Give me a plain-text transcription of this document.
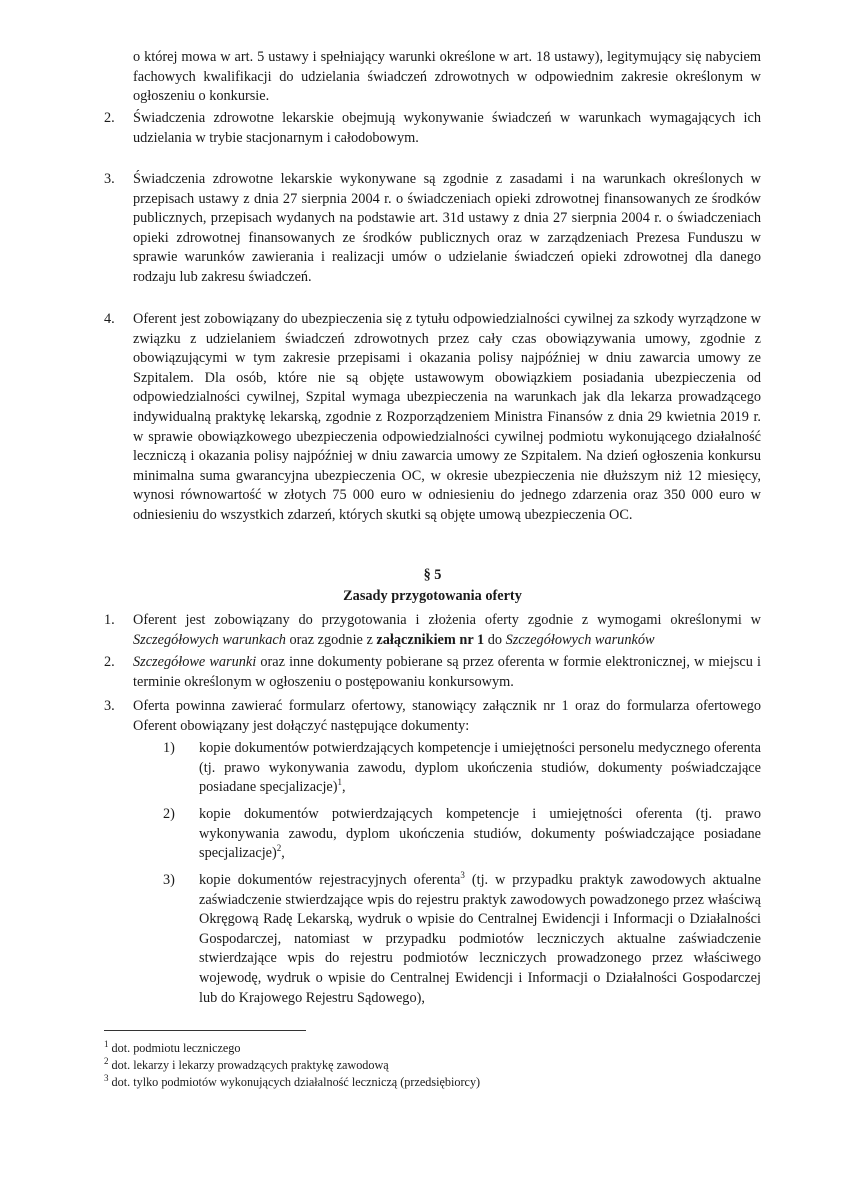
o której mowa w art. 5 ustawy i spełniający warunki określone w art. 18 ustawy), legitymujący się nabyciem fachowych kwalifikacji do udzielania świadczeń zdrowotnych w odpowiednim zakresie określonym w ogłoszeniu o konkursie.
2.	Świadczenia zdrowotne lekarskie obejmują wykonywanie świadczeń w warunkach wymagających ich udzielania w trybie stacjonarnym i całodobowym.
3.	Świadczenia zdrowotne lekarskie wykonywane są zgodnie z zasadami i na warunkach określonych w przepisach ustawy z dnia 27 sierpnia 2004 r. o świadczeniach opieki zdrowotnej finansowanych ze środków publicznych, przepisach wydanych na podstawie art. 31d ustawy z dnia 27 sierpnia 2004 r. o świadczeniach opieki zdrowotnej finansowanych ze środków publicznych oraz w zarządzeniach Prezesa Funduszu w sprawie warunków zawierania i realizacji umów o udzielanie świadczeń opieki zdrowotnej dla danego rodzaju lub zakresu świadczeń.
4.	Oferent jest zobowiązany do ubezpieczenia się z tytułu odpowiedzialności cywilnej za szkody wyrządzone w związku z udzielaniem świadczeń zdrowotnych przez cały czas obowiązywania umowy, zgodnie z obowiązującymi w tym zakresie przepisami i okazania polisy najpóźniej w dniu zawarcia umowy ze Szpitalem. Dla osób, które nie są objęte ustawowym obowiązkiem posiadania ubezpieczenia od odpowiedzialności cywilnej, Szpital wymaga ubezpieczenia na warunkach jak dla lekarza prowadzącego indywidualną praktykę lekarską, zgodnie z Rozporządzeniem Ministra Finansów z dnia 29 kwietnia 2019 r. w sprawie obowiązkowego ubezpieczenia odpowiedzialności cywilnej podmiotu wykonującego działalność leczniczą i okazania polisy najpóźniej w dniu zawarcia umowy ze Szpitalem. Na dzień ogłoszenia konkursu minimalna suma gwarancyjna ubezpieczenia OC, w okresie ubezpieczenia nie dłuższym niż 12 miesięcy, wynosi równowartość w złotych 75 000 euro w odniesieniu do jednego zdarzenia oraz 350 000 euro w odniesieniu do wszystkich zdarzeń, których skutki są objęte umową ubezpieczenia OC.
§ 5
Zasady przygotowania oferty
1.	Oferent jest zobowiązany do przygotowania i złożenia oferty zgodnie z wymogami określonymi w Szczegółowych warunkach oraz zgodnie z załącznikiem nr 1 do Szczegółowych warunków
2.	Szczegółowe warunki oraz inne dokumenty pobierane są przez oferenta w formie elektronicznej, w miejscu i terminie określonym w ogłoszeniu o postępowaniu konkursowym.
3.	Oferta powinna zawierać formularz ofertowy, stanowiący załącznik nr 1 oraz do formularza ofertowego Oferent obowiązany jest dołączyć następujące dokumenty:
1)	kopie dokumentów potwierdzających kompetencje i umiejętności personelu medycznego oferenta (tj. prawo wykonywania zawodu, dyplom ukończenia studiów, dokumenty poświadczające posiadane specjalizacje)$^1$,
2)	kopie dokumentów potwierdzających kompetencje i umiejętności oferenta (tj. prawo wykonywania zawodu, dyplom ukończenia studiów, dokumenty poświadczające posiadane specjalizacje)$^2$,
3)	kopie dokumentów rejestracyjnych oferenta$^3$ (tj. w przypadku praktyk zawodowych aktualne zaświadczenie stwierdzające wpis do rejestru praktyk zawodowych powadzonego przez właściwą Okręgową Radę Lekarską, wydruk o wpisie do Centralnej Ewidencji i Informacji o Działalności Gospodarczej, natomiast w przypadku podmiotów leczniczych aktualne zaświadczenie stwierdzające wpis do rejestru podmiotów leczniczych prowadzonego przez właściwego wojewodę, wydruk o wpisie do Centralnej Ewidencji i Informacji o Działalności Gospodarczej lub do Krajowego Rejestru Sądowego),
$^1$ dot. podmiotu leczniczego
$^2$ dot. lekarzy i lekarzy prowadzących praktykę zawodową
$^3$ dot. tylko podmiotów wykonujących działalność leczniczą (przedsiębiorcy)
